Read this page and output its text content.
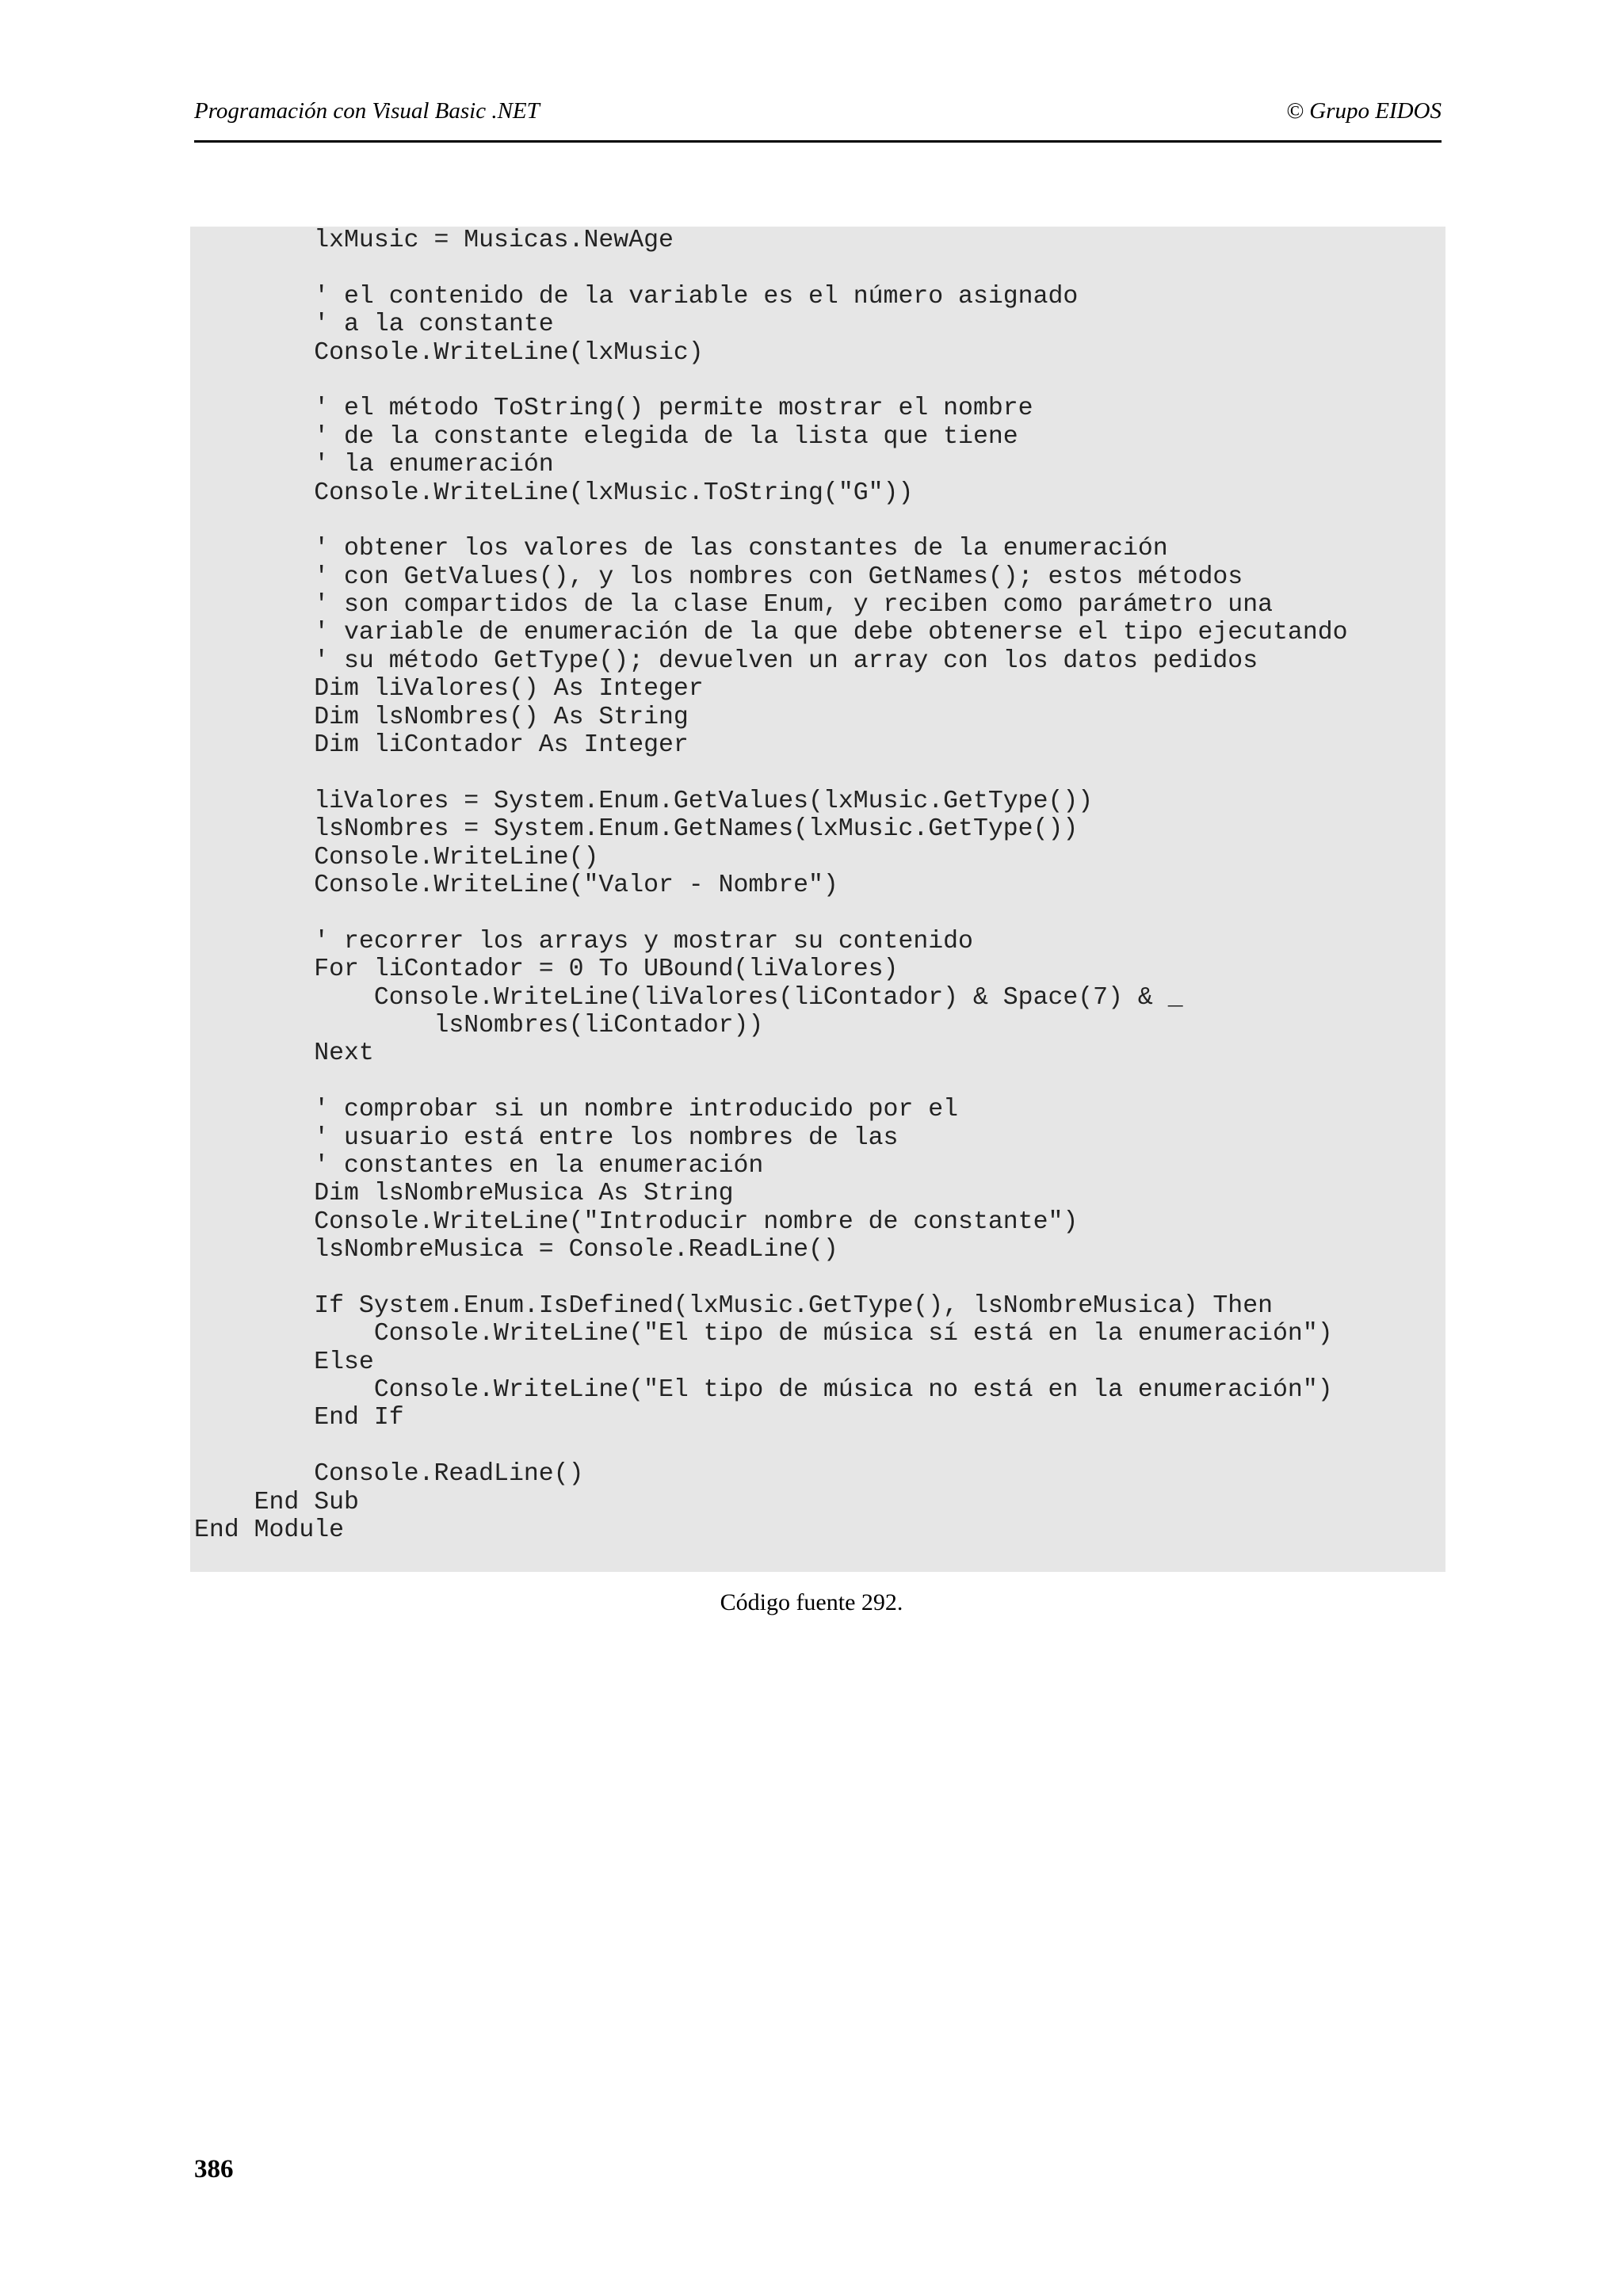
Programación con Visual Basic .NET	© Grupo EIDOS
lxMusic = Musicas.NewAge
' el contenido de la variable es el número asignado
' a la constante
Console.WriteLine(lxMusic)
' el método ToString() permite mostrar el nombre
' de la constante elegida de la lista que tiene
' la enumeración
Console.WriteLine(lxMusic.ToString("G"))
' obtener los valores de las constantes de la enumeración
' con GetValues(), y los nombres con GetNames(); estos métodos
' son compartidos de la clase Enum, y reciben como parámetro una
' variable de enumeración de la que debe obtenerse el tipo ejecutando
' su método GetType(); devuelven un array con los datos pedidos
Dim liValores() As Integer
Dim lsNombres() As String
Dim liContador As Integer
liValores = System.Enum.GetValues(lxMusic.GetType())
lsNombres = System.Enum.GetNames(lxMusic.GetType())
Console.WriteLine()
Console.WriteLine("Valor - Nombre")
' recorrer los arrays y mostrar su contenido
For liContador = 0 To UBound(liValores)
Console.WriteLine(liValores(liContador) & Space(7) & _
lsNombres(liContador))
Next
' comprobar si un nombre introducido por el
' usuario está entre los nombres de las
' constantes en la enumeración
Dim lsNombreMusica As String
Console.WriteLine("Introducir nombre de constante")
lsNombreMusica = Console.ReadLine()
If System.Enum.IsDefined(lxMusic.GetType(), lsNombreMusica) Then
Console.WriteLine("El tipo de música sí está en la enumeración")
Else
Console.WriteLine("El tipo de música no está en la enumeración")
End If
Console.ReadLine()
End Sub
End Module
Código fuente 292.
386
